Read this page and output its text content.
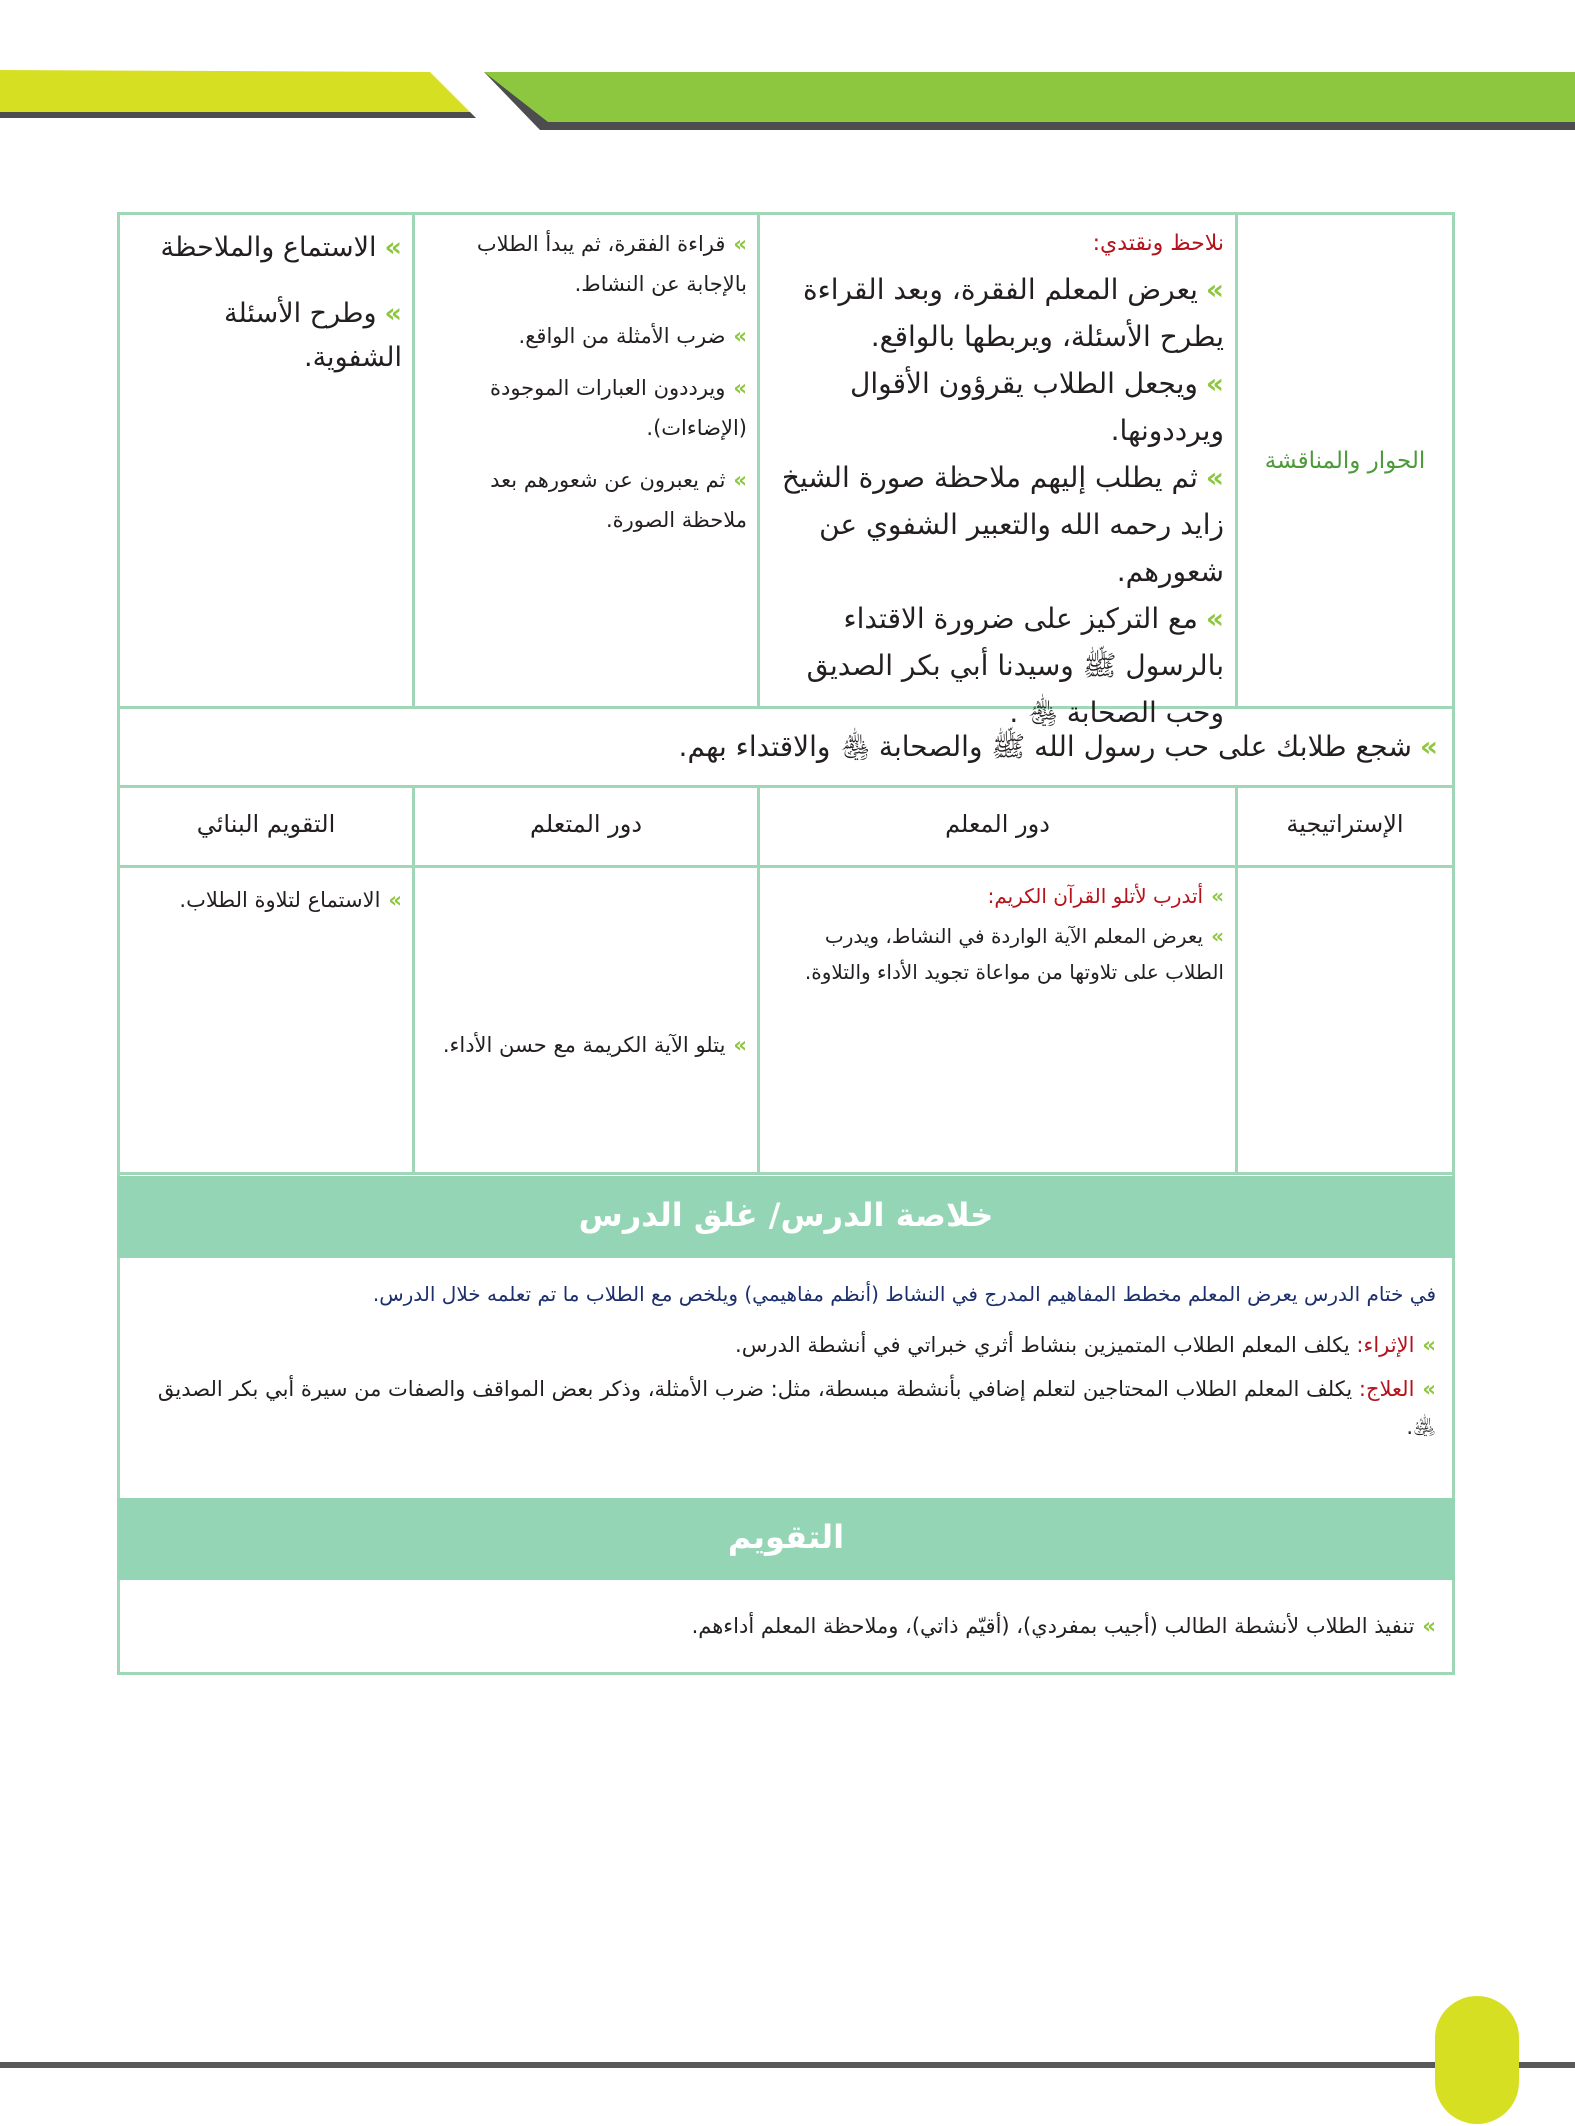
الحوار والمناقشة
نلاحظ ونقتدي:

»يعرض المعلم الفقرة، وبعد القراءة يطرح الأسئلة، ويربطها بالواقع.

»ويجعل الطلاب يقرؤون الأقوال ويرددونها.

»ثم يطلب إليهم ملاحظة صورة الشيخ زايد رحمه الله والتعبير الشفوي عن شعورهم.

»مع التركيز على ضرورة الاقتداء بالرسول ﷺ وسيدنا أبي بكر الصديق وحب الصحابة ﵃ .

»قراءة الفقرة، ثم يبدأ الطلاب بالإجابة عن النشاط.

»ضرب الأمثلة من الواقع.

»ويرددون العبارات الموجودة (الإضاءات).

»ثم يعبرون عن شعورهم بعد ملاحظة الصورة.

»الاستماع والملاحظة

»وطرح الأسئلة الشفوية.

»شجع طلابك على حب رسول الله ﷺ والصحابة ﵃ والاقتداء بهم.
الإستراتيجية
دور المعلم
دور المتعلم
التقويم البنائي

»أتدرب لأتلو القرآن الكريم:

»يعرض المعلم الآية الواردة في النشاط، ويدرب الطلاب على تلاوتها من مواعاة تجويد الأداء والتلاوة.

»يتلو الآية الكريمة مع حسن الأداء.

»الاستماع لتلاوة الطلاب.

خلاصة الدرس/ غلق الدرس

في ختام الدرس يعرض المعلم مخطط المفاهيم المدرج في النشاط (أنظم مفاهيمي) ويلخص مع الطلاب ما تم تعلمه خلال الدرس.

»الإثراء: يكلف المعلم الطلاب المتميزين بنشاط أثري خبراتي في أنشطة الدرس.

»العلاج: يكلف المعلم الطلاب المحتاجين لتعلم إضافي بأنشطة مبسطة، مثل: ضرب الأمثلة، وذكر بعض المواقف والصفات من سيرة أبي بكر الصديق ﵁.

التقويم
»تنفيذ الطلاب لأنشطة الطالب (أجيب بمفردي)، (أقيّم ذاتي)، وملاحظة المعلم أداءهم.
